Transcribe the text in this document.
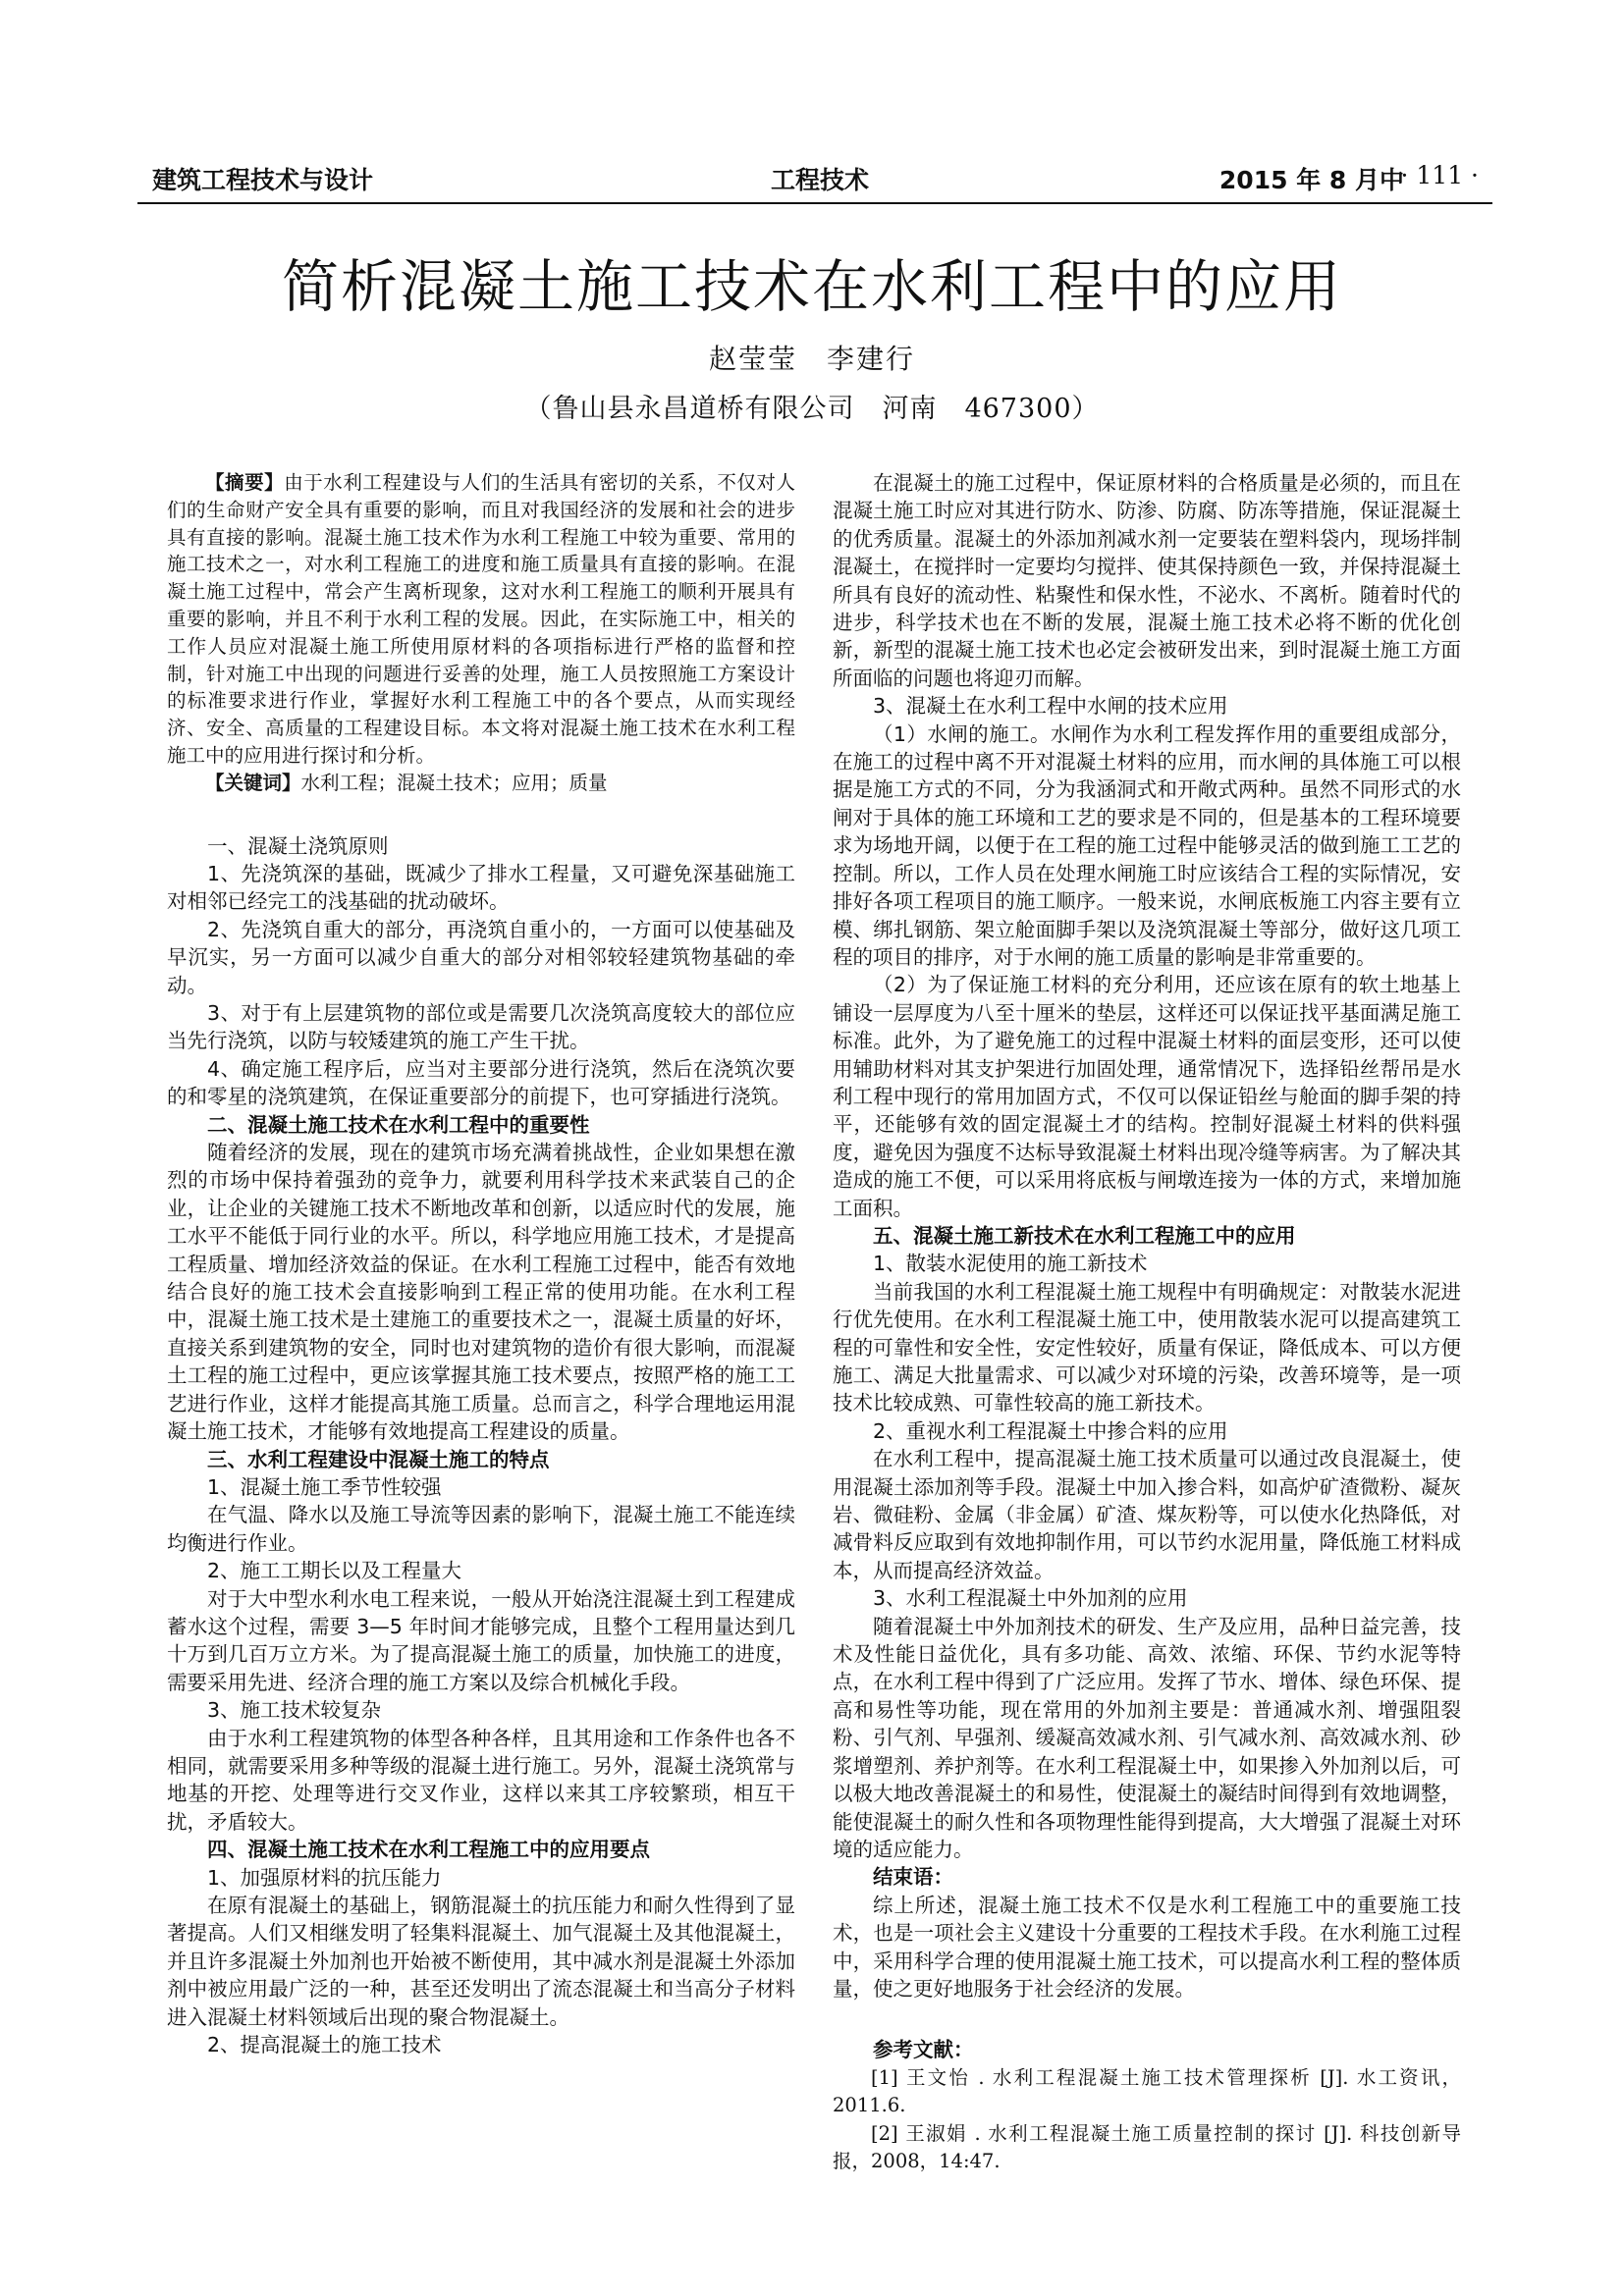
建筑工程技术与设计	工程技术	2015 年 8 月中
· 111 ·
简析混凝土施工技术在水利工程中的应用
赵莹莹　李建行
（鲁山县永昌道桥有限公司　河南　467300）

【摘要】由于水利工程建设与人们的生活具有密切的关系，不仅对人们的生命财产安全具有重要的影响，而且对我国经济的发展和社会的进步具有直接的影响。混凝土施工技术作为水利工程施工中较为重要、常用的施工技术之一，对水利工程施工的进度和施工质量具有直接的影响。在混凝土施工过程中，常会产生离析现象，这对水利工程施工的顺利开展具有重要的影响，并且不利于水利工程的发展。因此，在实际施工中，相关的工作人员应对混凝土施工所使用原材料的各项指标进行严格的监督和控制，针对施工中出现的问题进行妥善的处理，施工人员按照施工方案设计的标准要求进行作业，掌握好水利工程施工中的各个要点，从而实现经济、安全、高质量的工程建设目标。本文将对混凝土施工技术在水利工程施工中的应用进行探讨和分析。

【关键词】水利工程；混凝土技术；应用；质量

一、混凝土浇筑原则

1、先浇筑深的基础，既减少了排水工程量，又可避免深基础施工对相邻已经完工的浅基础的扰动破坏。

2、先浇筑自重大的部分，再浇筑自重小的，一方面可以使基础及早沉实，另一方面可以减少自重大的部分对相邻较轻建筑物基础的牵动。

3、对于有上层建筑物的部位或是需要几次浇筑高度较大的部位应当先行浇筑，以防与较矮建筑的施工产生干扰。

4、确定施工程序后，应当对主要部分进行浇筑，然后在浇筑次要的和零星的浇筑建筑，在保证重要部分的前提下，也可穿插进行浇筑。

二、混凝土施工技术在水利工程中的重要性

随着经济的发展，现在的建筑市场充满着挑战性，企业如果想在激烈的市场中保持着强劲的竞争力，就要利用科学技术来武装自己的企业，让企业的关键施工技术不断地改革和创新，以适应时代的发展，施工水平不能低于同行业的水平。所以，科学地应用施工技术，才是提高工程质量、增加经济效益的保证。在水利工程施工过程中，能否有效地结合良好的施工技术会直接影响到工程正常的使用功能。在水利工程中，混凝土施工技术是土建施工的重要技术之一，混凝土质量的好坏，直接关系到建筑物的安全，同时也对建筑物的造价有很大影响，而混凝土工程的施工过程中，更应该掌握其施工技术要点，按照严格的施工工艺进行作业，这样才能提高其施工质量。总而言之，科学合理地运用混凝土施工技术，才能够有效地提高工程建设的质量。

三、水利工程建设中混凝土施工的特点
1、混凝土施工季节性较强

在气温、降水以及施工导流等因素的影响下，混凝土施工不能连续均衡进行作业。

2、施工工期长以及工程量大

对于大中型水利水电工程来说，一般从开始浇注混凝土到工程建成蓄水这个过程，需要 3—5 年时间才能够完成，且整个工程用量达到几十万到几百万立方米。为了提高混凝土施工的质量，加快施工的进度，需要采用先进、经济合理的施工方案以及综合机械化手段。

3、施工技术较复杂

由于水利工程建筑物的体型各种各样，且其用途和工作条件也各不相同，就需要采用多种等级的混凝土进行施工。另外，混凝土浇筑常与地基的开挖、处理等进行交叉作业，这样以来其工序较繁琐，相互干扰，矛盾较大。

四、混凝土施工技术在水利工程施工中的应用要点
1、加强原材料的抗压能力

在原有混凝土的基础上，钢筋混凝土的抗压能力和耐久性得到了显著提高。人们又相继发明了轻集料混凝土、加气混凝土及其他混凝土，并且许多混凝土外加剂也开始被不断使用，其中减水剂是混凝土外添加剂中被应用最广泛的一种，甚至还发明出了流态混凝土和当高分子材料进入混凝土材料领域后出现的聚合物混凝土。

2、提高混凝土的施工技术

在混凝土的施工过程中，保证原材料的合格质量是必须的，而且在混凝土施工时应对其进行防水、防渗、防腐、防冻等措施，保证混凝土的优秀质量。混凝土的外添加剂减水剂一定要装在塑料袋内，现场拌制混凝土，在搅拌时一定要均匀搅拌、使其保持颜色一致，并保持混凝土所具有良好的流动性、粘聚性和保水性，不泌水、不离析。随着时代的进步，科学技术也在不断的发展，混凝土施工技术必将不断的优化创新，新型的混凝土施工技术也必定会被研发出来，到时混凝土施工方面所面临的问题也将迎刃而解。

3、混凝土在水利工程中水闸的技术应用

（1）水闸的施工。水闸作为水利工程发挥作用的重要组成部分，在施工的过程中离不开对混凝土材料的应用，而水闸的具体施工可以根据是施工方式的不同，分为我涵洞式和开敞式两种。虽然不同形式的水闸对于具体的施工环境和工艺的要求是不同的，但是基本的工程环境要求为场地开阔，以便于在工程的施工过程中能够灵活的做到施工工艺的控制。所以，工作人员在处理水闸施工时应该结合工程的实际情况，安排好各项工程项目的施工顺序。一般来说，水闸底板施工内容主要有立模、绑扎钢筋、架立舱面脚手架以及浇筑混凝土等部分，做好这几项工程的项目的排序，对于水闸的施工质量的影响是非常重要的。

（2）为了保证施工材料的充分利用，还应该在原有的软土地基上铺设一层厚度为八至十厘米的垫层，这样还可以保证找平基面满足施工标准。此外，为了避免施工的过程中混凝土材料的面层变形，还可以使用辅助材料对其支护架进行加固处理，通常情况下，选择铅丝帮吊是水利工程中现行的常用加固方式，不仅可以保证铅丝与舱面的脚手架的持平，还能够有效的固定混凝土才的结构。控制好混凝土材料的供料强度，避免因为强度不达标导致混凝土材料出现冷缝等病害。为了解决其造成的施工不便，可以采用将底板与闸墩连接为一体的方式，来增加施工面积。

五、混凝土施工新技术在水利工程施工中的应用
1、散装水泥使用的施工新技术

当前我国的水利工程混凝土施工规程中有明确规定：对散装水泥进行优先使用。在水利工程混凝土施工中，使用散装水泥可以提高建筑工程的可靠性和安全性，安定性较好，质量有保证，降低成本、可以方便施工、满足大批量需求、可以减少对环境的污染，改善环境等，是一项技术比较成熟、可靠性较高的施工新技术。

2、重视水利工程混凝土中掺合料的应用

在水利工程中，提高混凝土施工技术质量可以通过改良混凝土，使用混凝土添加剂等手段。混凝土中加入掺合料，如高炉矿渣微粉、凝灰岩、微硅粉、金属（非金属）矿渣、煤灰粉等，可以使水化热降低，对减骨料反应取到有效地抑制作用，可以节约水泥用量，降低施工材料成本，从而提高经济效益。

3、水利工程混凝土中外加剂的应用

随着混凝土中外加剂技术的研发、生产及应用，品种日益完善，技术及性能日益优化，具有多功能、高效、浓缩、环保、节约水泥等特点，在水利工程中得到了广泛应用。发挥了节水、增体、绿色环保、提高和易性等功能，现在常用的外加剂主要是：普通减水剂、增强阻裂粉、引气剂、早强剂、缓凝高效减水剂、引气减水剂、高效减水剂、砂浆增塑剂、养护剂等。在水利工程混凝土中，如果掺入外加剂以后，可以极大地改善混凝土的和易性，使混凝土的凝结时间得到有效地调整，能使混凝土的耐久性和各项物理性能得到提高，大大增强了混凝土对环境的适应能力。

结束语：

综上所述，混凝土施工技术不仅是水利工程施工中的重要施工技术，也是一项社会主义建设十分重要的工程技术手段。在水利施工过程中，采用科学合理的使用混凝土施工技术，可以提高水利工程的整体质量，使之更好地服务于社会经济的发展。

参考文献：

[1] 王文怡 . 水利工程混凝土施工技术管理探析 [J]. 水工资讯，2011.6.

[2] 王淑娟 . 水利工程混凝土施工质量控制的探讨 [J]. 科技创新导报，2008，14:47.
